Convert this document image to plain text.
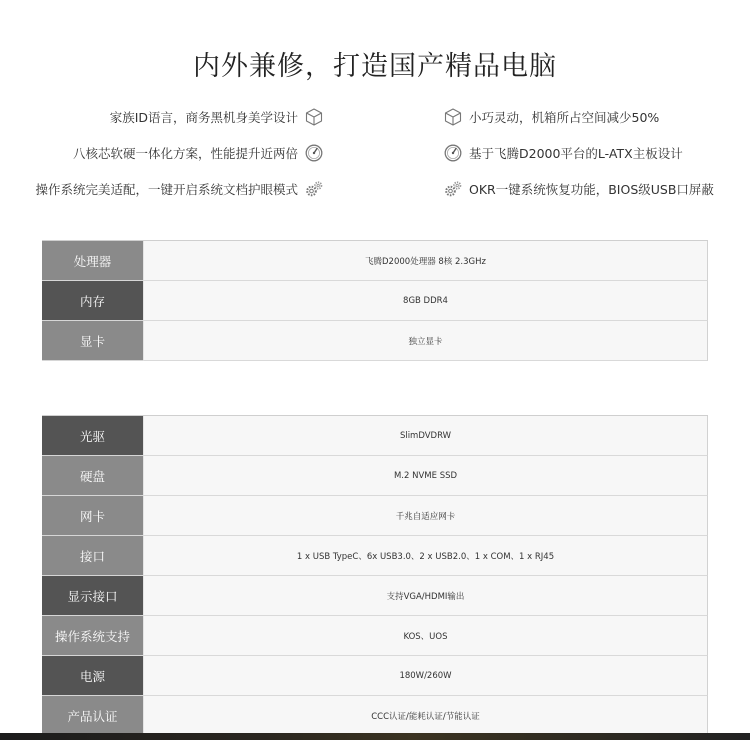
内外兼修，打造国产精品电脑
家族ID语言，商务黑机身美学设计
八核芯软硬一体化方案，性能提升近两倍
操作系统完美适配，一键开启系统文档护眼模式
小巧灵动，机箱所占空间减少50%
基于飞腾D2000平台的L-ATX主板设计
OKR一键系统恢复功能，BIOS级USB口屏蔽
处理器	飞腾D2000处理器 8核 2.3GHz
内存	8GB DDR4
显卡	独立显卡
光驱	SlimDVDRW
硬盘	M.2 NVME SSD
网卡	千兆自适应网卡
接口	1 x USB TypeC、6x USB3.0、2 x USB2.0、1 x COM、1 x RJ45
显示接口	支持VGA/HDMI输出
操作系统支持	KOS、UOS
电源	180W/260W
产品认证	CCC认证/能耗认证/节能认证
